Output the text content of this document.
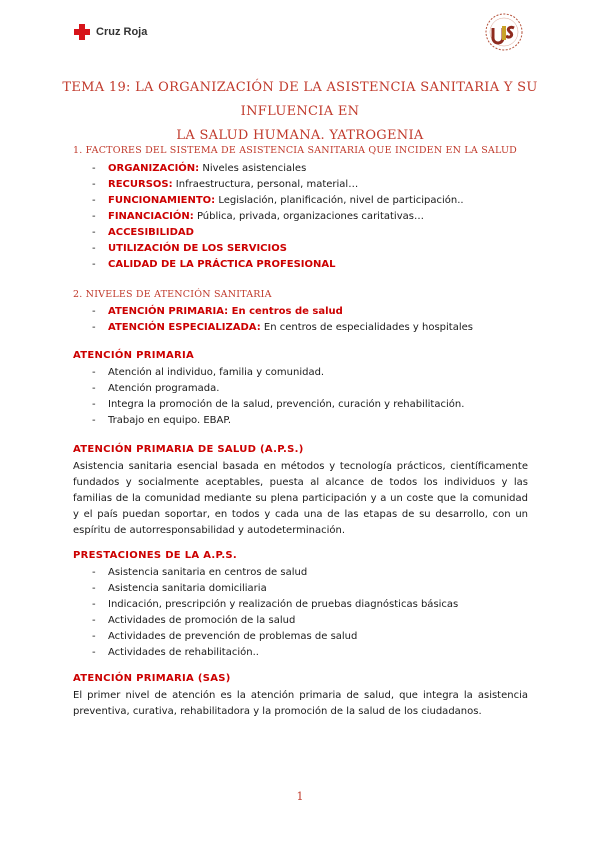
Cruz Roja
TEMA 19: LA ORGANIZACIÓN DE LA ASISTENCIA SANITARIA Y SU INFLUENCIA EN
LA SALUD HUMANA. YATROGENIA
1. FACTORES DEL SISTEMA DE ASISTENCIA SANITARIA QUE INCIDEN EN LA SALUD
- ORGANIZACIÓN: Niveles asistenciales
- RECURSOS: Infraestructura, personal, material…
- FUNCIONAMIENTO: Legislación, planificación, nivel de participación..
- FINANCIACIÓN: Pública, privada, organizaciones caritativas…
- ACCESIBILIDAD
- UTILIZACIÓN DE LOS SERVICIOS
- CALIDAD DE LA PRÁCTICA PROFESIONAL
2. NIVELES DE ATENCIÓN SANITARIA
- ATENCIÓN PRIMARIA: En centros de salud
- ATENCIÓN ESPECIALIZADA: En centros de especialidades y hospitales
ATENCIÓN PRIMARIA
- Atención al individuo, familia y comunidad.
- Atención programada.
- Integra la promoción de la salud, prevención, curación y rehabilitación.
- Trabajo en equipo. EBAP.
ATENCIÓN PRIMARIA DE SALUD (A.P.S.)
Asistencia sanitaria esencial basada en métodos y tecnología prácticos, científicamente fundados y socialmente aceptables, puesta al alcance de todos los individuos y las familias de la comunidad mediante su plena participación y a un coste que la comunidad y el país puedan soportar, en todos y cada una de las etapas de su desarrollo, con un espíritu de autorresponsabilidad y autodeterminación.
PRESTACIONES DE LA A.P.S.
- Asistencia sanitaria en centros de salud
- Asistencia sanitaria domiciliaria
- Indicación, prescripción y realización de pruebas diagnósticas básicas
- Actividades de promoción de la salud
- Actividades de prevención de problemas de salud
- Actividades de rehabilitación..
ATENCIÓN PRIMARIA (SAS)
El primer nivel de atención es la atención primaria de salud, que integra la asistencia preventiva, curativa, rehabilitadora y la promoción de la salud de los ciudadanos.
1
